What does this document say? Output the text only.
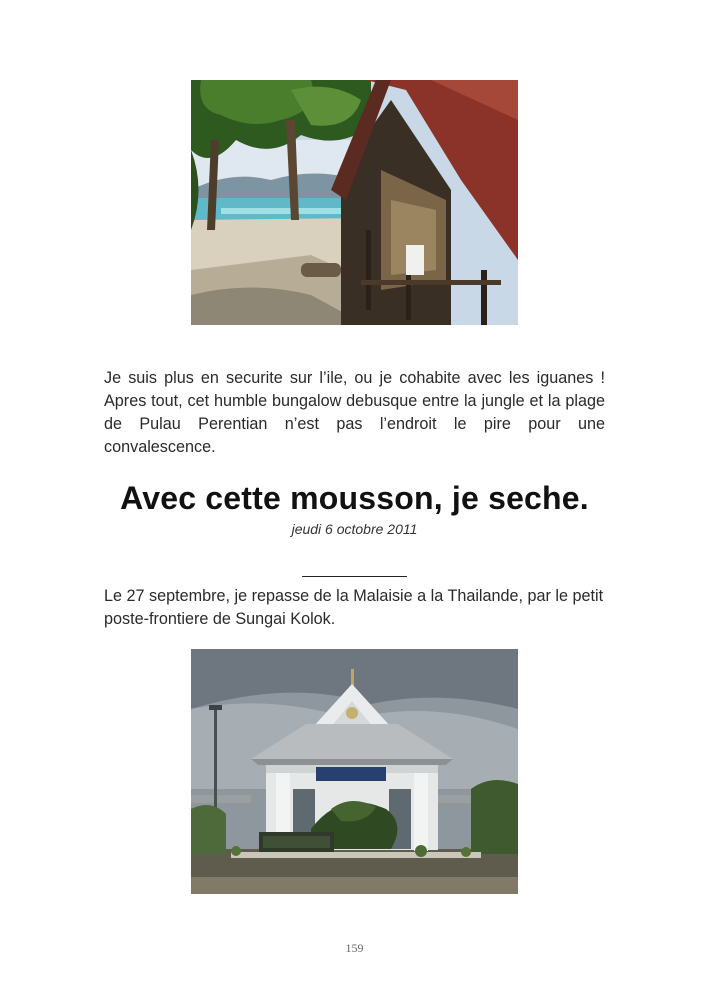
Je suis plus en securite sur l’ile, ou je cohabite avec les iguanes ! Apres tout, cet humble bungalow debusque entre la jungle et la plage de Pulau Perentian n’est pas l’endroit le pire pour une convalescence.

Avec cette mousson, je seche.
jeudi 6 octobre 2011

Le 27 septembre, je repasse de la Malaisie a la Thailande, par le petit poste-frontiere de Sungai Kolok.

159
